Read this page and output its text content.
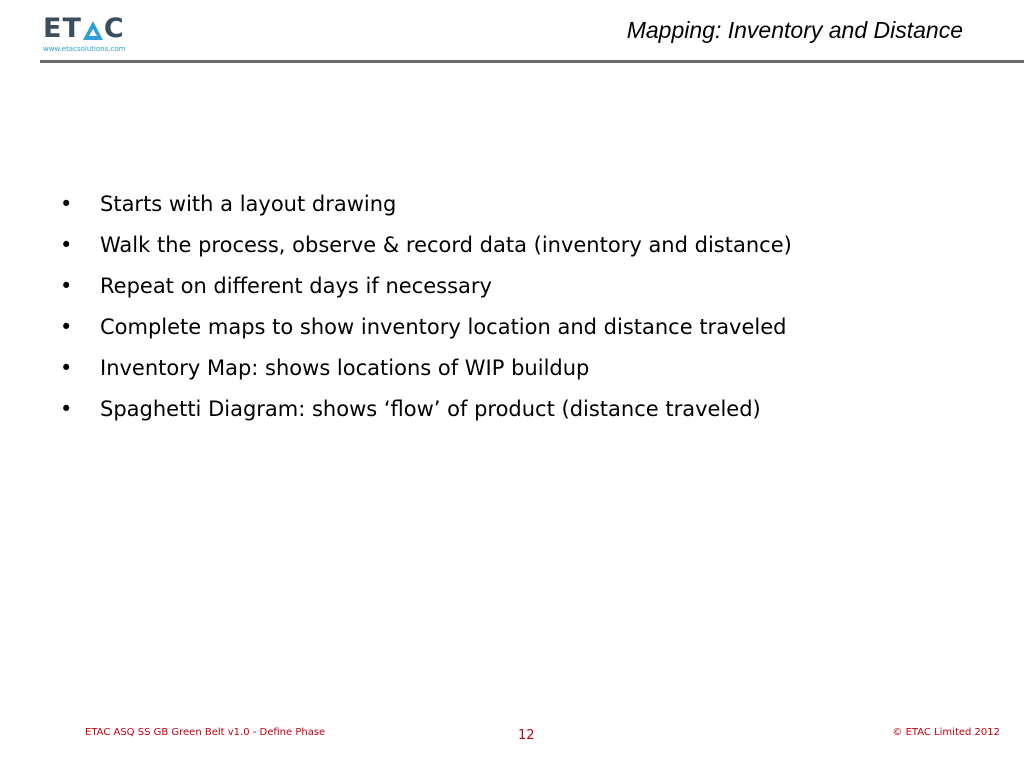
ET C
www.etacsolutions.com
Mapping: Inventory and Distance
• Starts with a layout drawing
• Walk the process, observe & record data (inventory and distance)
• Repeat on different days if necessary
• Complete maps to show inventory location and distance traveled
• Inventory Map: shows locations of WIP buildup
• Spaghetti Diagram: shows ‘flow’ of product (distance traveled)
ETAC ASQ SS GB Green Belt v1.0 - Define Phase	12	© ETAC Limited 2012
